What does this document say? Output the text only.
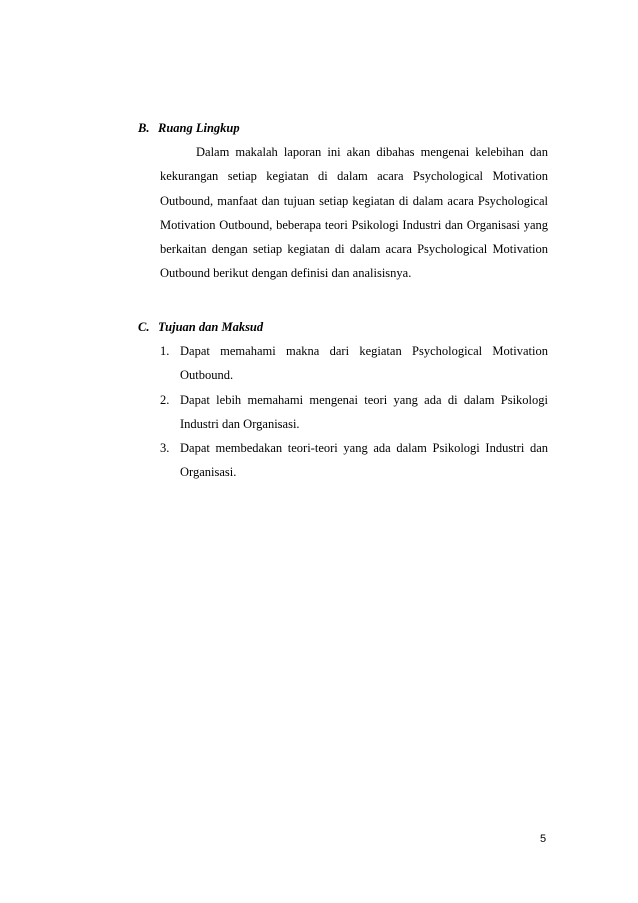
B. Ruang Lingkup

Dalam makalah laporan ini akan dibahas mengenai kelebihan dan kekurangan setiap kegiatan di dalam acara Psychological Motivation Outbound, manfaat dan tujuan setiap kegiatan di dalam acara Psychological Motivation Outbound, beberapa teori Psikologi Industri dan Organisasi yang berkaitan dengan setiap kegiatan di dalam acara Psychological Motivation Outbound berikut dengan definisi dan analisisnya.

C. Tujuan dan Maksud
1. Dapat memahami makna dari kegiatan Psychological Motivation Outbound.
2. Dapat lebih memahami mengenai teori yang ada di dalam Psikologi Industri dan Organisasi.
3. Dapat membedakan teori-teori yang ada dalam Psikologi Industri dan Organisasi.
5
